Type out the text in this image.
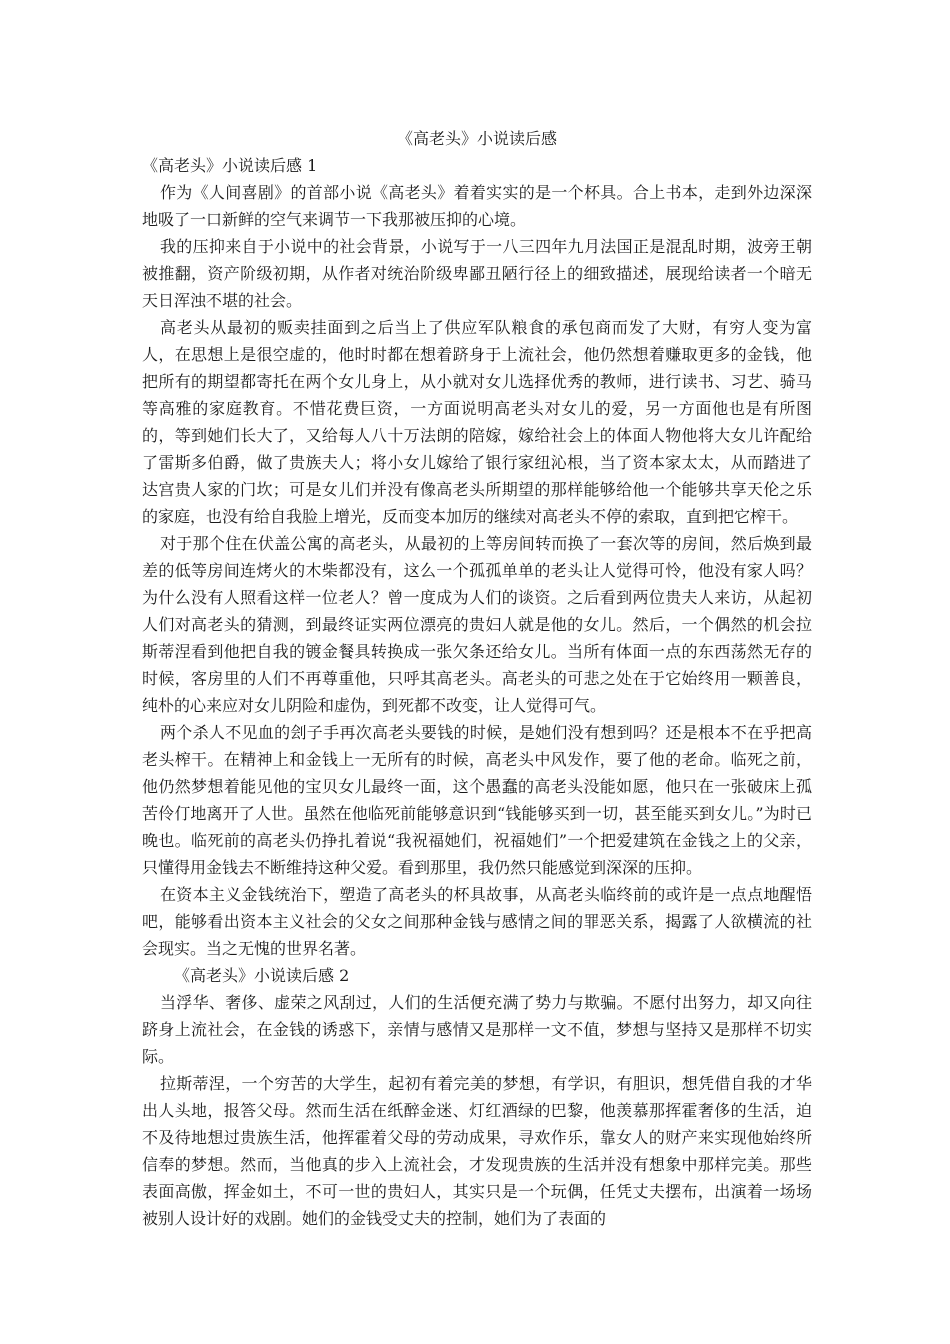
《高老头》小说读后感

《高老头》小说读后感 1

作为《人间喜剧》的首部小说《高老头》着着实实的是一个杯具。合上书本，走到外边深深地吸了一口新鲜的空气来调节一下我那被压抑的心境。

我的压抑来自于小说中的社会背景，小说写于一八三四年九月法国正是混乱时期，波旁王朝被推翻，资产阶级初期，从作者对统治阶级卑鄙丑陋行径上的细致描述，展现给读者一个暗无天日浑浊不堪的社会。

高老头从最初的贩卖挂面到之后当上了供应军队粮食的承包商而发了大财，有穷人变为富人，在思想上是很空虚的，他时时都在想着跻身于上流社会，他仍然想着赚取更多的金钱，他把所有的期望都寄托在两个女儿身上，从小就对女儿选择优秀的教师，进行读书、习艺、骑马等高雅的家庭教育。不惜花费巨资，一方面说明高老头对女儿的爱，另一方面他也是有所图的，等到她们长大了，又给每人八十万法朗的陪嫁，嫁给社会上的体面人物他将大女儿许配给了雷斯多伯爵，做了贵族夫人；将小女儿嫁给了银行家纽沁根，当了资本家太太，从而踏进了达宫贵人家的门坎；可是女儿们并没有像高老头所期望的那样能够给他一个能够共享天伦之乐的家庭，也没有给自我脸上增光，反而变本加厉的继续对高老头不停的索取，直到把它榨干。

对于那个住在伏盖公寓的高老头，从最初的上等房间转而换了一套次等的房间，然后焕到最差的低等房间连烤火的木柴都没有，这么一个孤孤单单的老头让人觉得可怜，他没有家人吗？为什么没有人照看这样一位老人？曾一度成为人们的谈资。之后看到两位贵夫人来访，从起初人们对高老头的猜测，到最终证实两位漂亮的贵妇人就是他的女儿。然后，一个偶然的机会拉斯蒂涅看到他把自我的镀金餐具转换成一张欠条还给女儿。当所有体面一点的东西荡然无存的时候，客房里的人们不再尊重他，只呼其高老头。高老头的可悲之处在于它始终用一颗善良，纯朴的心来应对女儿阴险和虚伪，到死都不改变，让人觉得可气。

两个杀人不见血的刽子手再次高老头要钱的时候，是她们没有想到吗？还是根本不在乎把高老头榨干。在精神上和金钱上一无所有的时候，高老头中风发作，要了他的老命。临死之前，他仍然梦想着能见他的宝贝女儿最终一面，这个愚蠢的高老头没能如愿，他只在一张破床上孤苦伶仃地离开了人世。虽然在他临死前能够意识到“钱能够买到一切，甚至能买到女儿。”为时已晚也。临死前的高老头仍挣扎着说“我祝福她们，祝福她们”一个把爱建筑在金钱之上的父亲，只懂得用金钱去不断维持这种父爱。看到那里，我仍然只能感觉到深深的压抑。

在资本主义金钱统治下，塑造了高老头的杯具故事，从高老头临终前的或许是一点点地醒悟吧，能够看出资本主义社会的父女之间那种金钱与感情之间的罪恶关系，揭露了人欲横流的社会现实。当之无愧的世界名著。

《高老头》小说读后感 2

当浮华、奢侈、虚荣之风刮过，人们的生活便充满了势力与欺骗。不愿付出努力，却又向往跻身上流社会，在金钱的诱惑下，亲情与感情又是那样一文不值，梦想与坚持又是那样不切实际。

拉斯蒂涅，一个穷苦的大学生，起初有着完美的梦想，有学识，有胆识，想凭借自我的才华出人头地，报答父母。然而生活在纸醉金迷、灯红酒绿的巴黎，他羡慕那挥霍奢侈的生活，迫不及待地想过贵族生活，他挥霍着父母的劳动成果，寻欢作乐，靠女人的财产来实现他始终所信奉的梦想。然而，当他真的步入上流社会，才发现贵族的生活并没有想象中那样完美。那些表面高傲，挥金如土，不可一世的贵妇人，其实只是一个玩偶，任凭丈夫摆布，出演着一场场被别人设计好的戏剧。她们的金钱受丈夫的控制，她们为了表面的
